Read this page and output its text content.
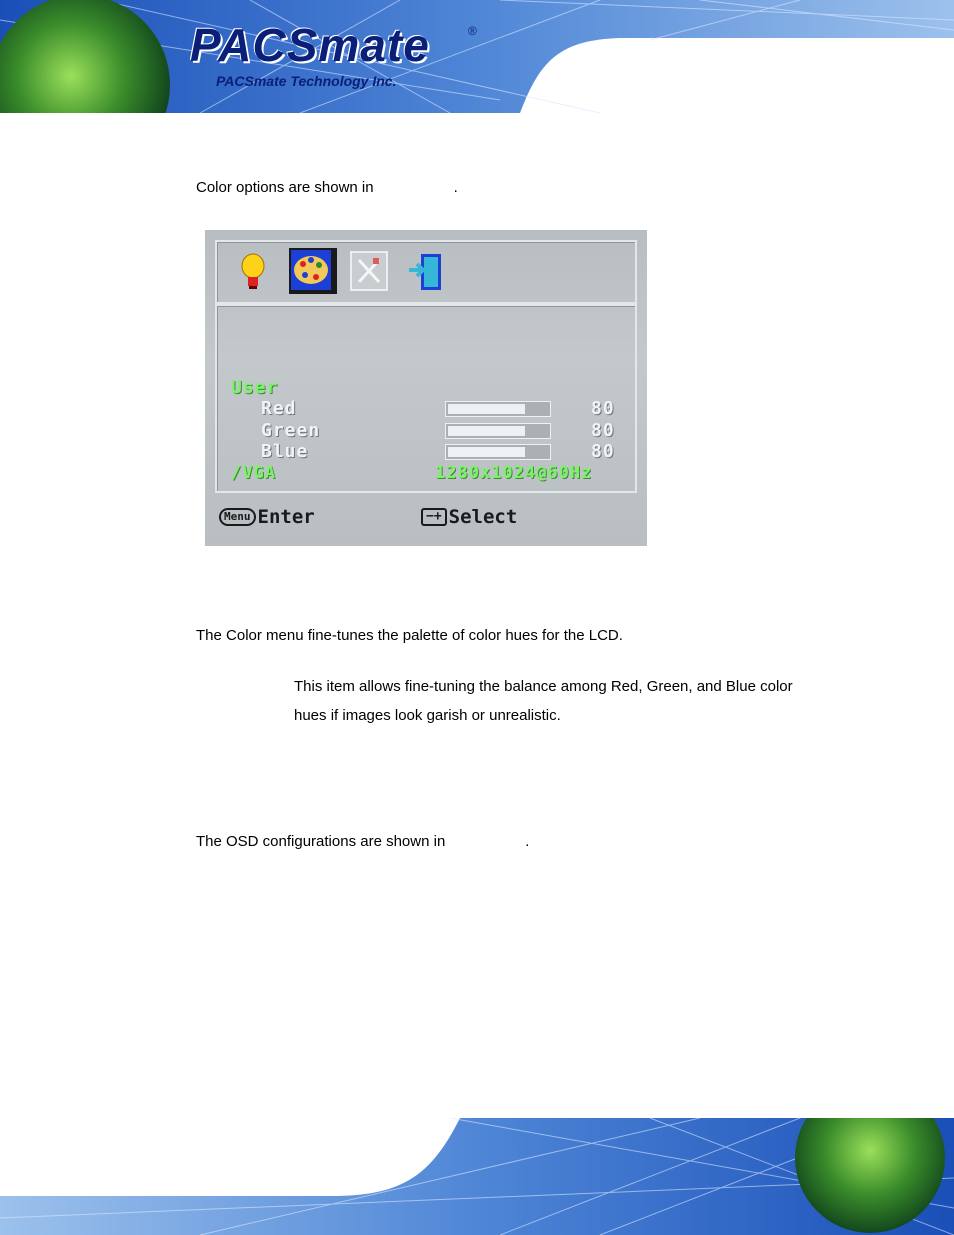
PACSmate	®
PACSmate Technology Inc.

Color options are shown in	.

User
Red	80
Green	80
Blue	80
/VGA	1280x1024@60Hz
Menu Enter	−+ Select

The Color menu fine-tunes the palette of color hues for the LCD.

This item allows fine-tuning the balance among Red, Green, and Blue color
hues if images look garish or unrealistic.

The OSD configurations are shown in	.
